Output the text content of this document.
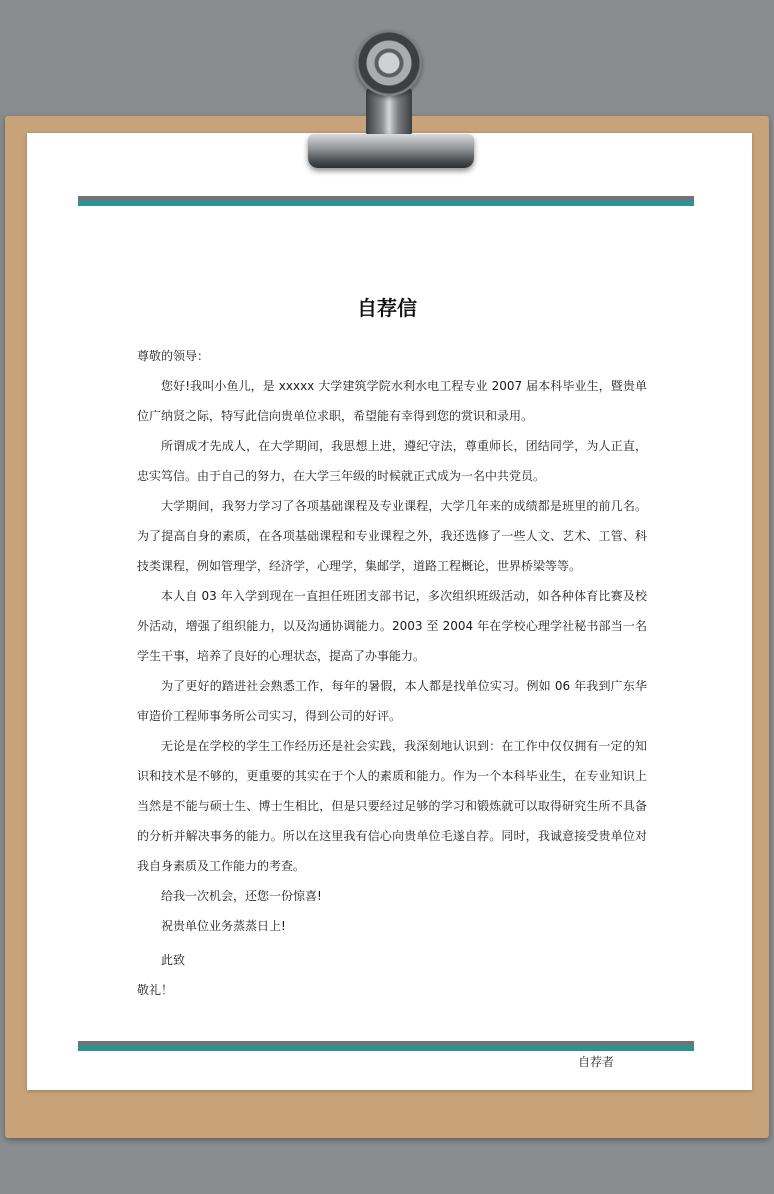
自荐信

尊敬的领导：

您好!我叫小鱼儿，是 xxxxx 大学建筑学院水利水电工程专业 2007 届本科毕业生，暨贵单位广纳贤之际，特写此信向贵单位求职，希望能有幸得到您的赏识和录用。

所谓成才先成人，在大学期间，我思想上进，遵纪守法，尊重师长，团结同学，为人正直，忠实笃信。由于自己的努力，在大学三年级的时候就正式成为一名中共党员。

大学期间，我努力学习了各项基础课程及专业课程，大学几年来的成绩都是班里的前几名。为了提高自身的素质，在各项基础课程和专业课程之外，我还选修了一些人文、艺术、工管、科技类课程，例如管理学，经济学，心理学，集邮学，道路工程概论，世界桥梁等等。

本人自 03 年入学到现在一直担任班团支部书记，多次组织班级活动，如各种体育比赛及校外活动，增强了组织能力，以及沟通协调能力。2003 至 2004 年在学校心理学社秘书部当一名学生干事，培养了良好的心理状态，提高了办事能力。

为了更好的踏进社会熟悉工作，每年的暑假，本人都是找单位实习。例如 06 年我到广东华审造价工程师事务所公司实习，得到公司的好评。

无论是在学校的学生工作经历还是社会实践，我深刻地认识到：在工作中仅仅拥有一定的知识和技术是不够的，更重要的其实在于个人的素质和能力。作为一个本科毕业生，在专业知识上当然是不能与硕士生、博士生相比，但是只要经过足够的学习和锻炼就可以取得研究生所不具备的分析并解决事务的能力。所以在这里我有信心向贵单位毛遂自荐。同时，我诚意接受贵单位对我自身素质及工作能力的考查。

给我一次机会，还您一份惊喜!

祝贵单位业务蒸蒸日上!

此致

敬礼！

自荐者
